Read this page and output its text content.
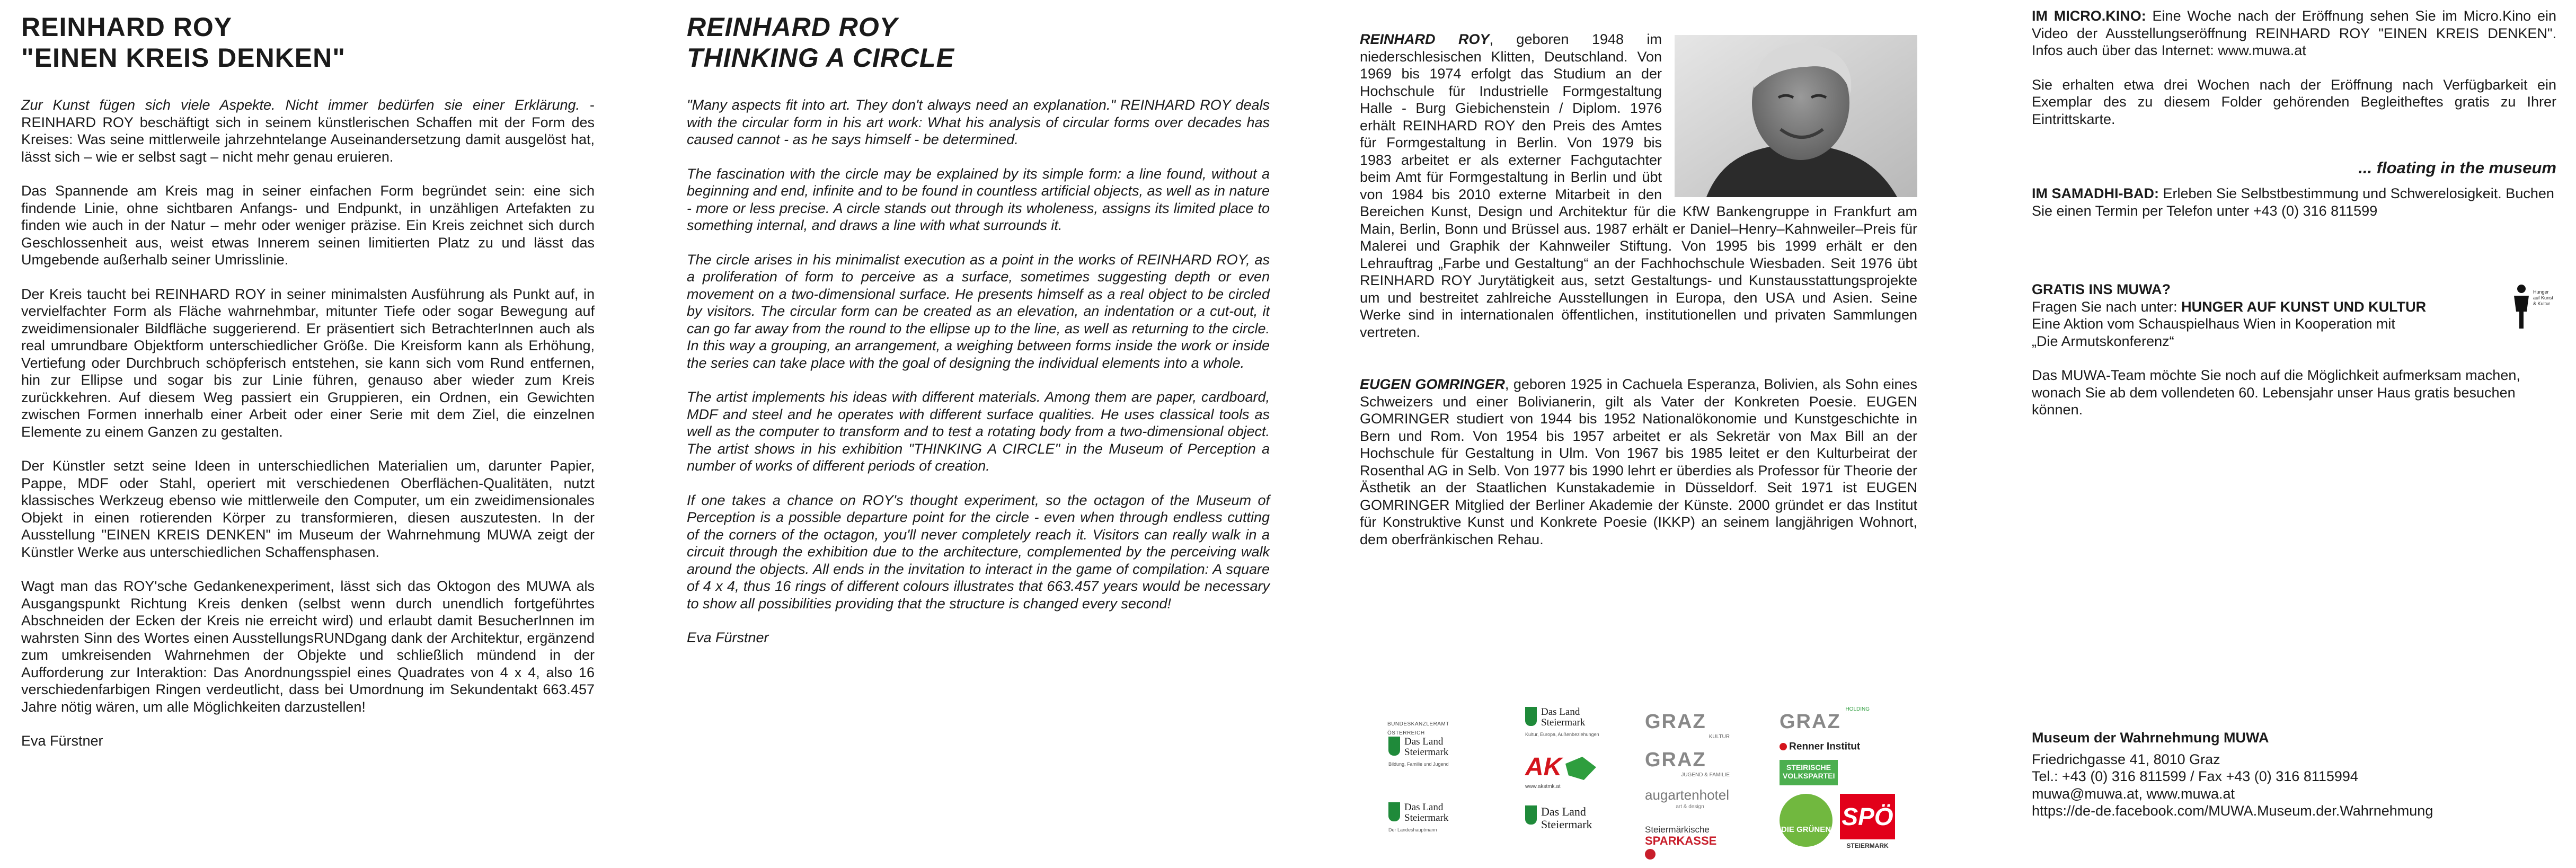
REINHARD ROY
"EINEN KREIS DENKEN"

Zur Kunst fügen sich viele Aspekte. Nicht immer bedürfen sie einer Erklärung. - REINHARD ROY beschäftigt sich in seinem künstlerischen Schaffen mit der Form des Kreises: Was seine mittlerweile jahrzehntelange Auseinandersetzung damit ausgelöst hat, lässt sich – wie er selbst sagt – nicht mehr genau eruieren.

Das Spannende am Kreis mag in seiner einfachen Form begründet sein: eine sich findende Linie, ohne sichtbaren Anfangs- und Endpunkt, in unzähligen Artefakten zu finden wie auch in der Natur – mehr oder weniger präzise. Ein Kreis zeichnet sich durch Geschlossenheit aus, weist etwas Innerem seinen limitierten Platz zu und lässt das Umgebende außerhalb seiner Umrisslinie.

Der Kreis taucht bei REINHARD ROY in seiner minimalsten Ausführung als Punkt auf, in vervielfachter Form als Fläche wahrnehmbar, mitunter Tiefe oder sogar Bewegung auf zweidimensionaler Bildfläche suggerierend. Er präsentiert sich BetrachterInnen auch als real umrundbare Objektform unterschiedlicher Größe. Die Kreisform kann als Erhöhung, Vertiefung oder Durchbruch schöpferisch entstehen, sie kann sich vom Rund entfernen, hin zur Ellipse und sogar bis zur Linie führen, genauso aber wieder zum Kreis zurückkehren. Auf diesem Weg passiert ein Gruppieren, ein Ordnen, ein Gewichten zwischen Formen innerhalb einer Arbeit oder einer Serie mit dem Ziel, die einzelnen Elemente zu einem Ganzen zu gestalten.

Der Künstler setzt seine Ideen in unterschiedlichen Materialien um, darunter Papier, Pappe, MDF oder Stahl, operiert mit verschiedenen Oberflächen-Qualitäten, nutzt klassisches Werkzeug ebenso wie mittlerweile den Computer, um ein zweidimensionales Objekt in einen rotierenden Körper zu transformieren, diesen auszutesten. In der Ausstellung "EINEN KREIS DENKEN" im Museum der Wahrnehmung MUWA zeigt der Künstler Werke aus unterschiedlichen Schaffensphasen.

Wagt man das ROY'sche Gedankenexperiment, lässt sich das Oktogon des MUWA als Ausgangspunkt Richtung Kreis denken (selbst wenn durch unendlich fortgeführtes Abschneiden der Ecken der Kreis nie erreicht wird) und erlaubt damit BesucherInnen im wahrsten Sinn des Wortes einen AusstellungsRUNDgang dank der Architektur, ergänzend zum umkreisenden Wahrnehmen der Objekte und schließlich mündend in der Aufforderung zur Interaktion: Das Anordnungsspiel eines Quadrates von 4 x 4, also 16 verschiedenfarbigen Ringen verdeutlicht, dass bei Umordnung im Sekundentakt 663.457 Jahre nötig wären, um alle Möglichkeiten darzustellen!

Eva Fürstner
REINHARD ROY
THINKING A CIRCLE

"Many aspects fit into art. They don't always need an explanation." REINHARD ROY deals with the circular form in his art work: What his analysis of circular forms over decades has caused cannot - as he says himself - be determined.

The fascination with the circle may be explained by its simple form: a line found, without a beginning and end, infinite and to be found in countless artificial objects, as well as in nature - more or less precise. A circle stands out through its wholeness, assigns its limited place to something internal, and draws a line with what surrounds it.

The circle arises in his minimalist execution as a point in the works of REINHARD ROY, as a proliferation of form to perceive as a surface, sometimes suggesting depth or even movement on a two-dimensional surface. He presents himself as a real object to be circled by visitors. The circular form can be created as an elevation, an indentation or a cut-out, it can go far away from the round to the ellipse up to the line, as well as returning to the circle. In this way a grouping, an arrangement, a weighing between forms inside the work or inside the series can take place with the goal of designing the individual elements into a whole.

The artist implements his ideas with different materials. Among them are paper, cardboard, MDF and steel and he operates with different surface qualities. He uses classical tools as well as the computer to transform and to test a rotating body from a two-dimensional object. The artist shows in his exhibition "THINKING A CIRCLE" in the Museum of Perception a number of works of different periods of creation.

If one takes a chance on ROY's thought experiment, so the octagon of the Museum of Perception is a possible departure point for the circle - even when through endless cutting of the corners of the octagon, you'll never completely reach it. Visitors can really walk in a circuit through the exhibition due to the architecture, complemented by the perceiving walk around the objects. All ends in the invitation to interact in the game of compilation: A square of 4 x 4, thus 16 rings of different colours illustrates that 663.457 years would be necessary to show all possibilities providing that the structure is changed every second!

Eva Fürstner

REINHARD ROY, geboren 1948 im niederschlesischen Klitten, Deutschland. Von 1969 bis 1974 erfolgt das Studium an der Hochschule für Industrielle Formgestaltung Halle - Burg Giebichenstein / Diplom. 1976 erhält REINHARD ROY den Preis des Amtes für Formgestaltung in Berlin. Von 1979 bis 1983 arbeitet er als externer Fachgutachter beim Amt für Formgestaltung in Berlin und übt von 1984 bis 2010 externe Mitarbeit in den Bereichen Kunst, Design und Architektur für die KfW Bankengruppe in Frankfurt am Main, Berlin, Bonn und Brüssel aus. 1987 erhält er Daniel–Henry–Kahnweiler–Preis für Malerei und Graphik der Kahnweiler Stiftung. Von 1995 bis 1999 erhält er den Lehrauftrag „Farbe und Gestaltung“ an der Fachhochschule Wiesbaden. Seit 1976 übt REINHARD ROY Jurytätigkeit aus, setzt Gestaltungs- und Kunstausstattungsprojekte um und bestreitet zahlreiche Ausstellungen in Europa, den USA und Asien. Seine Werke sind in internationalen öffentlichen, institutionellen und privaten Sammlungen vertreten.

EUGEN GOMRINGER, geboren 1925 in Cachuela Esperanza, Bolivien, als Sohn eines Schweizers und einer Bolivianerin, gilt als Vater der Konkreten Poesie. EUGEN GOMRINGER studiert von 1944 bis 1952 Nationalökonomie und Kunstgeschichte in Bern und Rom. Von 1954 bis 1957 arbeitet er als Sekretär von Max Bill an der Hochschule für Gestaltung in Ulm. Von 1967 bis 1985 leitet er den Kulturbeirat der Rosenthal AG in Selb. Von 1977 bis 1990 lehrt er überdies als Professor für Theorie der Ästhetik an der Staatlichen Kunstakademie in Düsseldorf. Seit 1971 ist EUGEN GOMRINGER Mitglied der Berliner Akademie der Künste. 2000 gründet er das Institut für Konstruktive Kunst und Konkrete Poesie (IKKP) an seinem langjährigen Wohnort, dem oberfränkischen Rehau.

BUNDESKANZLERAMT ÖSTERREICH
Das Land
Steiermark
Bildung, Familie und Jugend
Das Land
Steiermark
Der Landeshauptmann
Das Land
Steiermark
Kultur, Europa, Außenbeziehungen
AK
www.akstmk.at
Das Land
Steiermark
GRAZ
KULTUR
GRAZ
JUGEND & FAMILIE
augartenhotel
art & design
Steiermärkische
SPARKASSE
HOLDING
GRAZ
Renner Institut
STEIRISCHE VOLKSPARTEI
DIE GRÜNEN SPÖ
STEIERMARK

IM MICRO.KINO: Eine Woche nach der Eröffnung sehen Sie im Micro.Kino ein Video der Ausstellungseröffnung REINHARD ROY "EINEN KREIS DENKEN". Infos auch über das Internet: www.muwa.at

Sie erhalten etwa drei Wochen nach der Eröffnung nach Verfügbarkeit ein Exemplar des zu diesem Folder gehörenden Begleitheftes gratis zu Ihrer Eintrittskarte.

... floating in the museum
IM SAMADHI-BAD: Erleben Sie Selbstbestimmung und Schwerelosigkeit. Buchen Sie einen Termin per Telefon unter +43 (0) 316 811599
GRATIS INS MUWA?
Fragen Sie nach unter: HUNGER AUF KUNST UND KULTUR
Eine Aktion vom Schauspielhaus Wien in Kooperation mit
„Die Armutskonferenz“
Hunger auf Kunst & Kultur
Das MUWA-Team möchte Sie noch auf die Möglichkeit aufmerksam machen, wonach Sie ab dem vollendeten 60. Lebensjahr unser Haus gratis besuchen können.
Museum der Wahrnehmung MUWA
Friedrichgasse 41, 8010 Graz
Tel.: +43 (0) 316 811599 / Fax +43 (0) 316 8115994
muwa@muwa.at, www.muwa.at
https://de-de.facebook.com/MUWA.Museum.der.Wahrnehmung
